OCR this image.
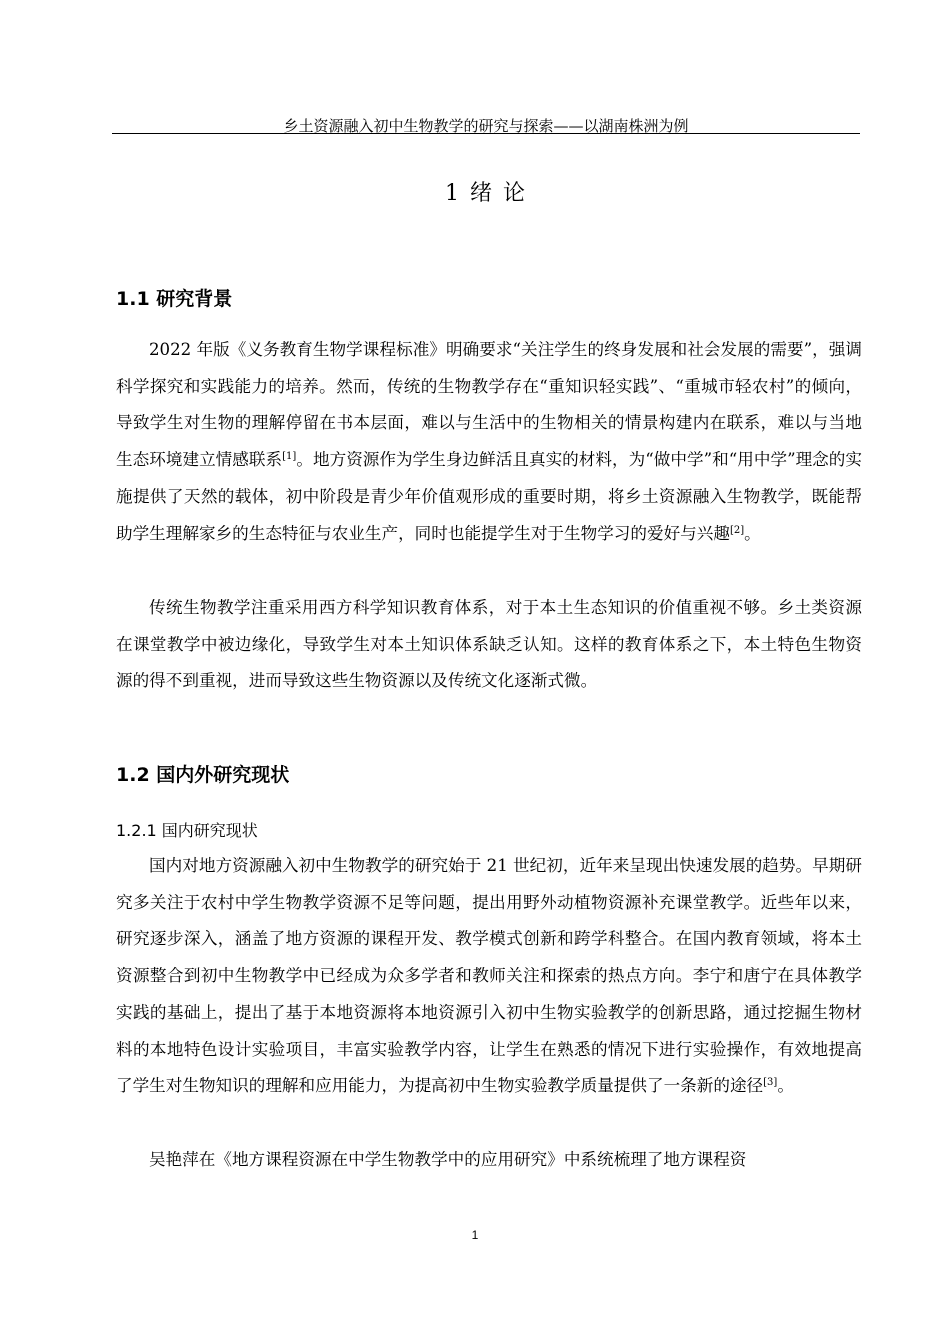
乡土资源融入初中生物教学的研究与探索——以湖南株洲为例
1 绪 论
1.1 研究背景

2022 年版《义务教育生物学课程标准》明确要求“关注学生的终身发展和社会发展的需要”，强调科学探究和实践能力的培养。然而，传统的生物教学存在“重知识轻实践”、“重城市轻农村”的倾向，导致学生对生物的理解停留在书本层面，难以与生活中的生物相关的情景构建内在联系，难以与当地生态环境建立情感联系[1]。地方资源作为学生身边鲜活且真实的材料，为“做中学”和“用中学”理念的实施提供了天然的载体，初中阶段是青少年价值观形成的重要时期，将乡土资源融入生物教学，既能帮助学生理解家乡的生态特征与农业生产，同时也能提学生对于生物学习的爱好与兴趣[2]。

传统生物教学注重采用西方科学知识教育体系，对于本土生态知识的价值重视不够。乡土类资源在课堂教学中被边缘化，导致学生对本土知识体系缺乏认知。这样的教育体系之下，本土特色生物资源的得不到重视，进而导致这些生物资源以及传统文化逐渐式微。

1.2 国内外研究现状
1.2.1 国内研究现状

国内对地方资源融入初中生物教学的研究始于 21 世纪初，近年来呈现出快速发展的趋势。早期研究多关注于农村中学生物教学资源不足等问题，提出用野外动植物资源补充课堂教学。近些年以来，研究逐步深入，涵盖了地方资源的课程开发、教学模式创新和跨学科整合。在国内教育领域，将本土资源整合到初中生物教学中已经成为众多学者和教师关注和探索的热点方向。李宁和唐宁在具体教学实践的基础上，提出了基于本地资源将本地资源引入初中生物实验教学的创新思路，通过挖掘生物材料的本地特色设计实验项目，丰富实验教学内容，让学生在熟悉的情况下进行实验操作，有效地提高了学生对生物知识的理解和应用能力，为提高初中生物实验教学质量提供了一条新的途径[3]。

吴艳萍在《地方课程资源在中学生物教学中的应用研究》中系统梳理了地方课程资

1
